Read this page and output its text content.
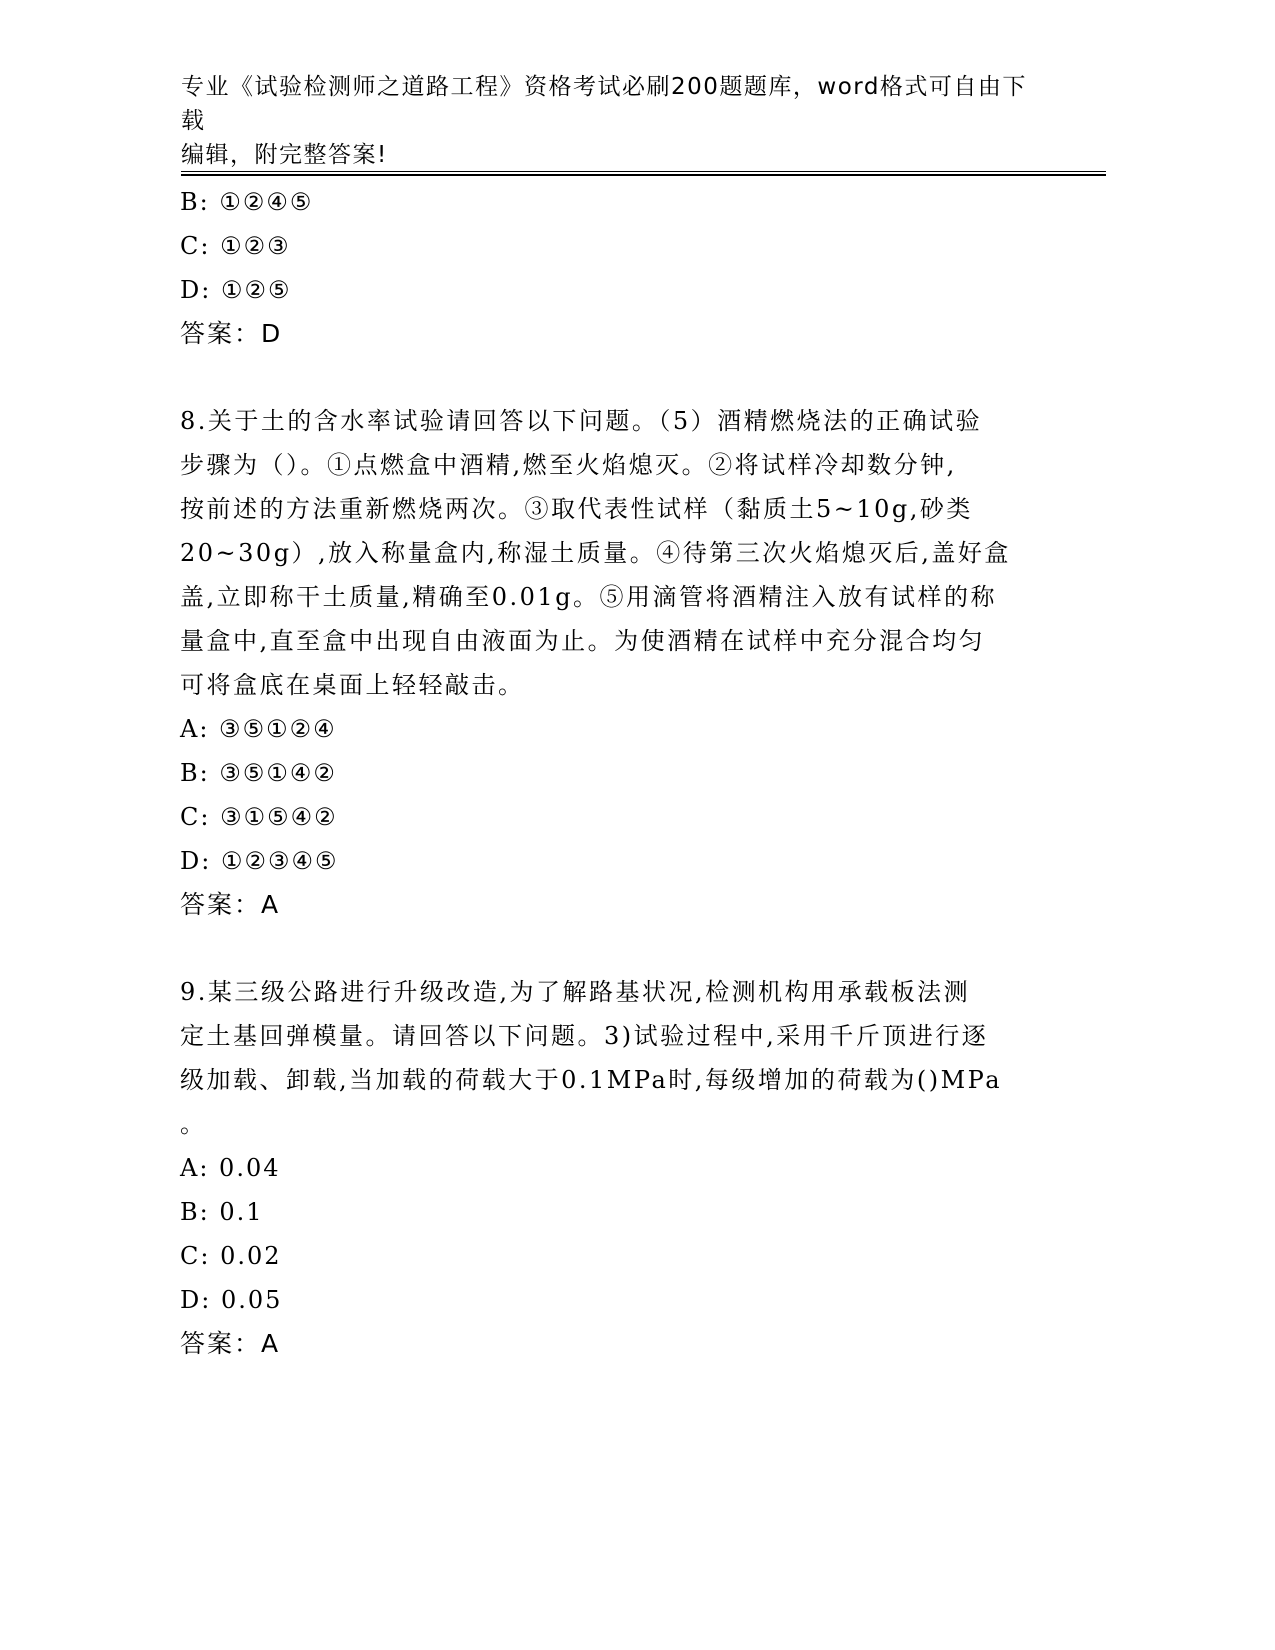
专业《试验检测师之道路工程》资格考试必刷200题题库，word格式可自由下载
编辑，附完整答案!
B: ①②④⑤
C: ①②③
D: ①②⑤
答案：D
8.关于土的含水率试验请回答以下问题。（5）酒精燃烧法的正确试验
步骤为（）。①点燃盒中酒精,燃至火焰熄灭。②将试样冷却数分钟,
按前述的方法重新燃烧两次。③取代表性试样（黏质土5~10g,砂类
20~30g）,放入称量盒内,称湿土质量。④待第三次火焰熄灭后,盖好盒
盖,立即称干土质量,精确至0.01g。⑤用滴管将酒精注入放有试样的称
量盒中,直至盒中出现自由液面为止。为使酒精在试样中充分混合均匀
可将盒底在桌面上轻轻敲击。
A: ③⑤①②④
B: ③⑤①④②
C: ③①⑤④②
D: ①②③④⑤
答案：A
9.某三级公路进行升级改造,为了解路基状况,检测机构用承载板法测
定土基回弹模量。请回答以下问题。3)试验过程中,采用千斤顶进行逐
级加载、卸载,当加载的荷载大于0.1MPa时,每级增加的荷载为()MPa
。
A: 0.04
B: 0.1
C: 0.02
D: 0.05
答案：A
